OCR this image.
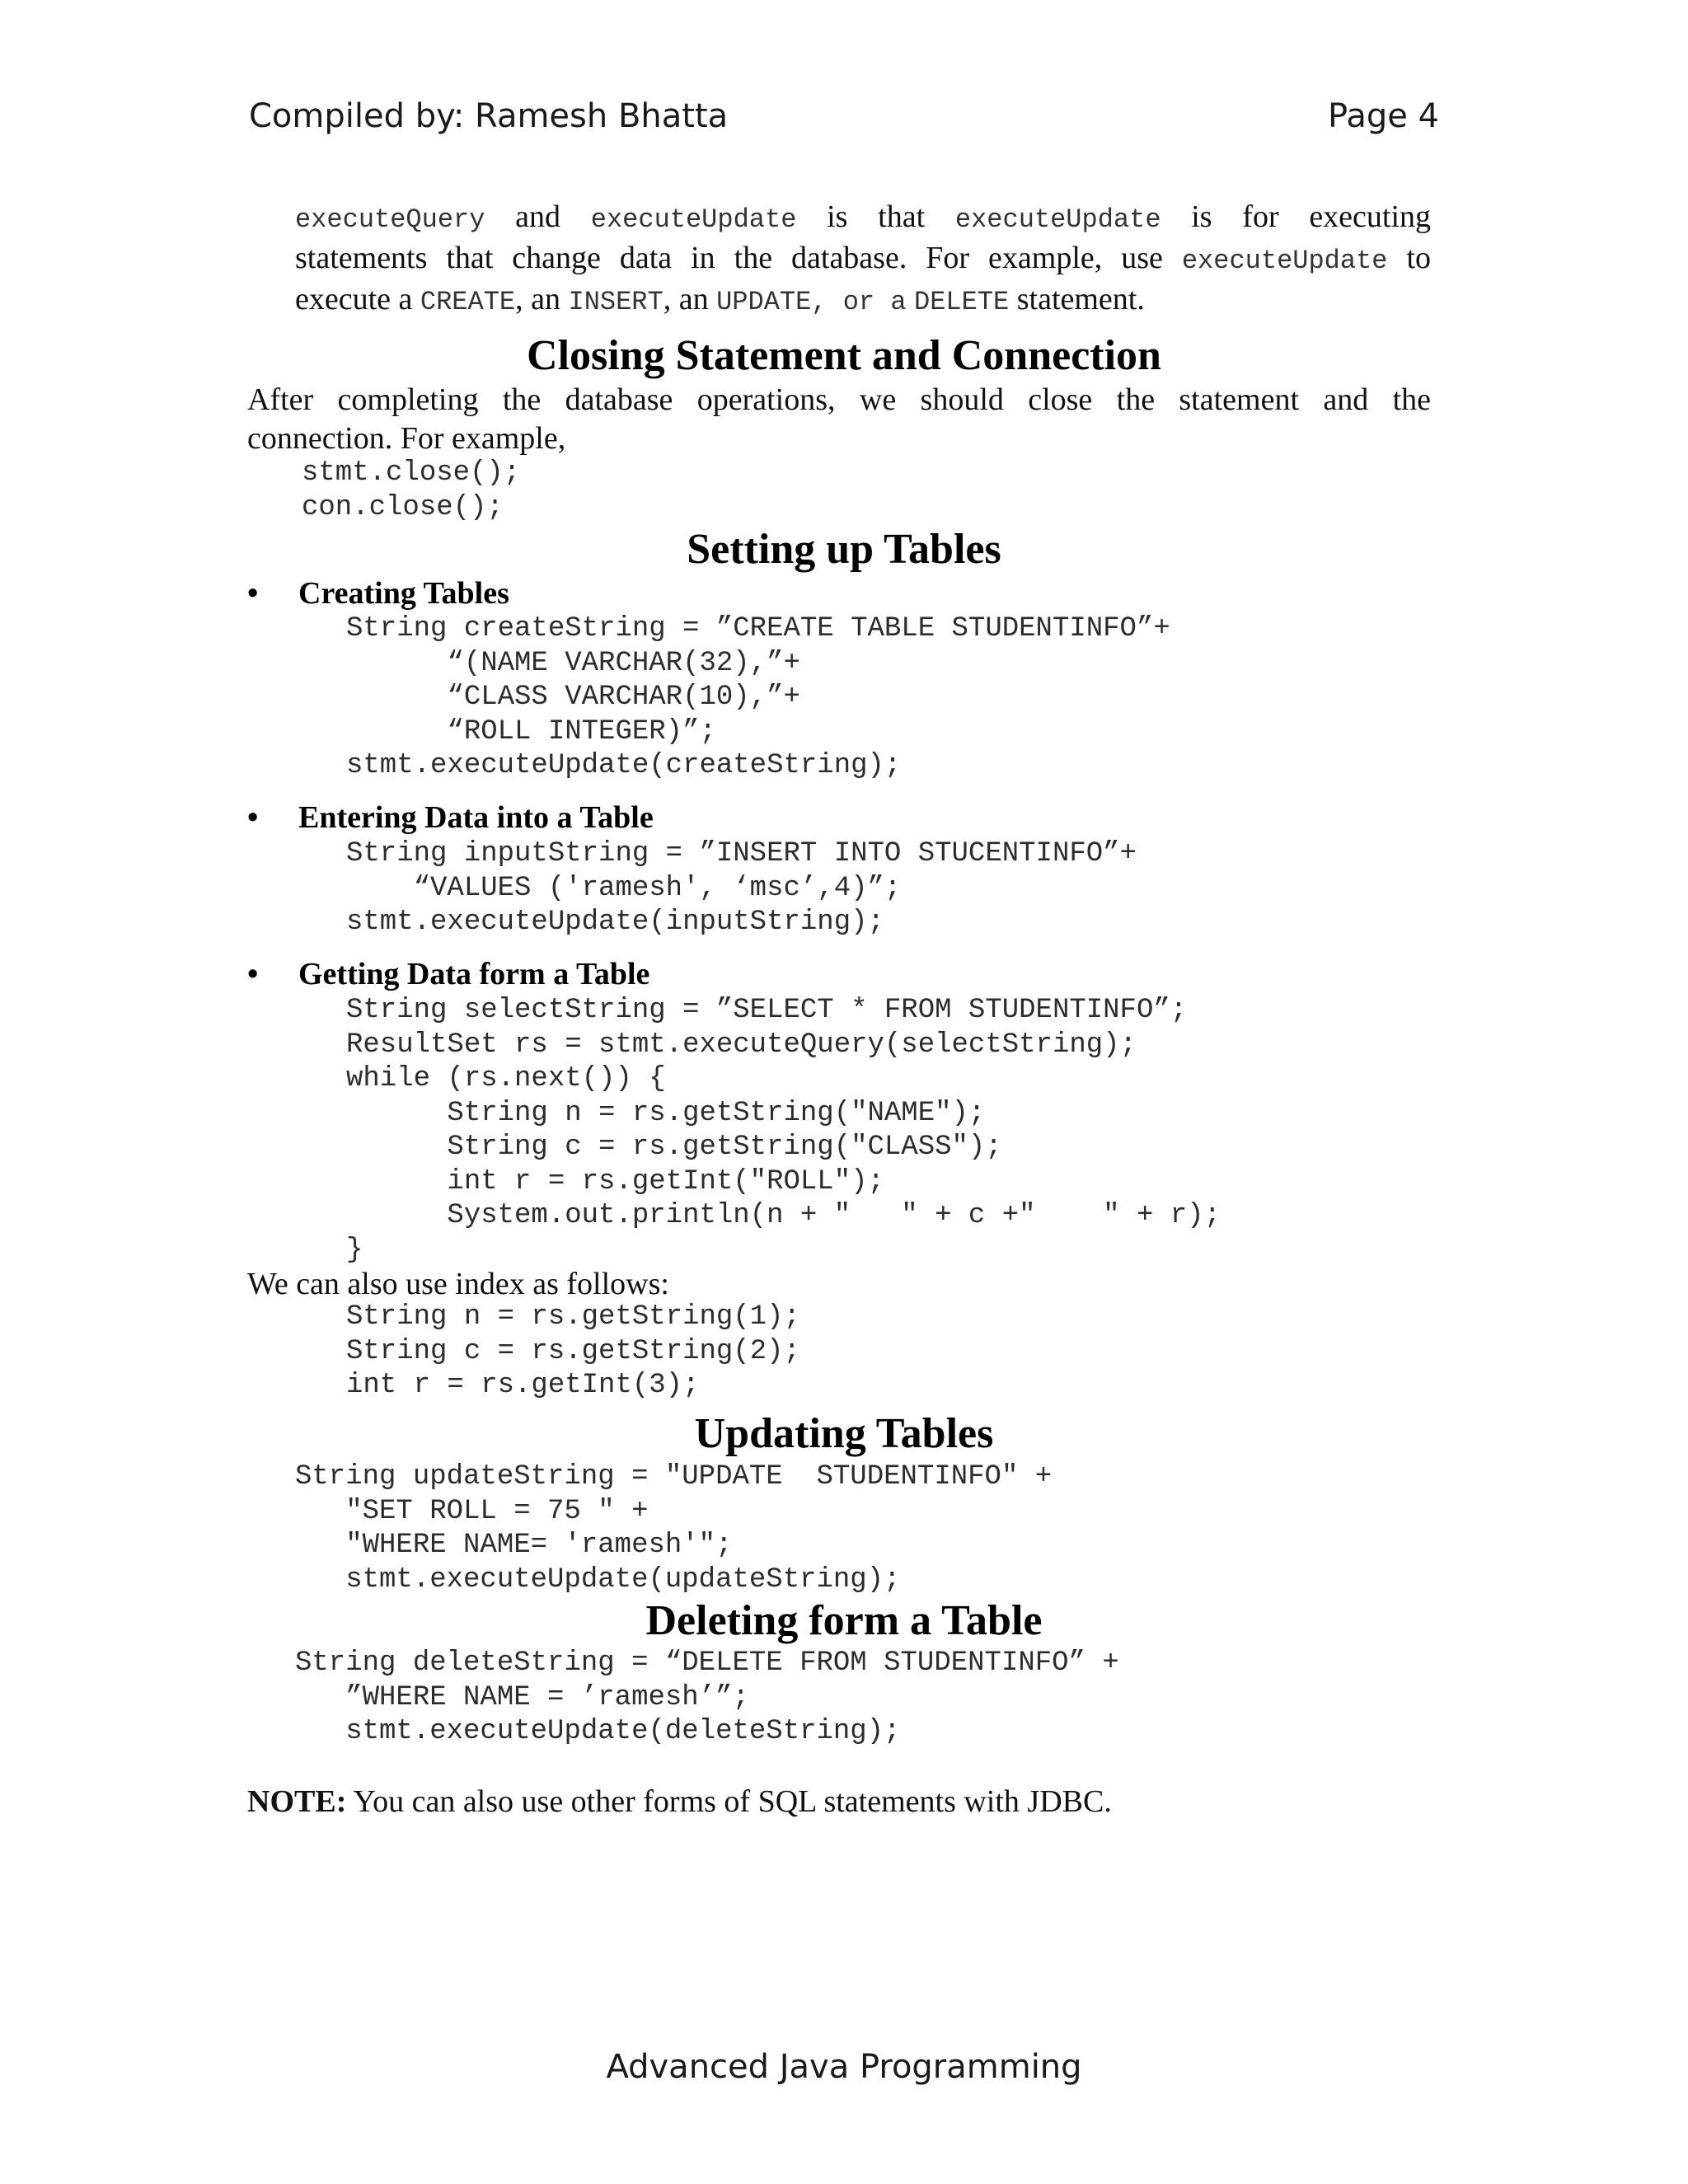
Compiled by: Ramesh Bhatta	Page 4
executeQuery and executeUpdate is that executeUpdate is for executing
statements that change data in the database. For example, use executeUpdate to
execute a CREATE, an INSERT, an UPDATE, or a DELETE statement.
Closing Statement and Connection
After completing the database operations, we should close the statement and the
connection. For example,
stmt.close();
con.close();
Setting up Tables
• Creating Tables
String createString = ”CREATE TABLE STUDENTINFO”+
“(NAME VARCHAR(32),”+
“CLASS VARCHAR(10),”+
“ROLL INTEGER)”;
stmt.executeUpdate(createString);
• Entering Data into a Table
String inputString = ”INSERT INTO STUCENTINFO”+
“VALUES ('ramesh', ‘msc’,4)”;
stmt.executeUpdate(inputString);
• Getting Data form a Table
String selectString = ”SELECT * FROM STUDENTINFO”;
ResultSet rs = stmt.executeQuery(selectString);
while (rs.next()) {
String n = rs.getString("NAME");
String c = rs.getString("CLASS");
int r = rs.getInt("ROLL");
System.out.println(n + "   " + c +"    " + r);
}
We can also use index as follows:
String n = rs.getString(1);
String c = rs.getString(2);
int r = rs.getInt(3);
Updating Tables
String updateString = "UPDATE  STUDENTINFO" +
"SET ROLL = 75 " +
"WHERE NAME= 'ramesh'";
stmt.executeUpdate(updateString);
Deleting form a Table
String deleteString = “DELETE FROM STUDENTINFO” +
”WHERE NAME = ’ramesh’”;
stmt.executeUpdate(deleteString);
NOTE: You can also use other forms of SQL statements with JDBC.
Advanced Java Programming
